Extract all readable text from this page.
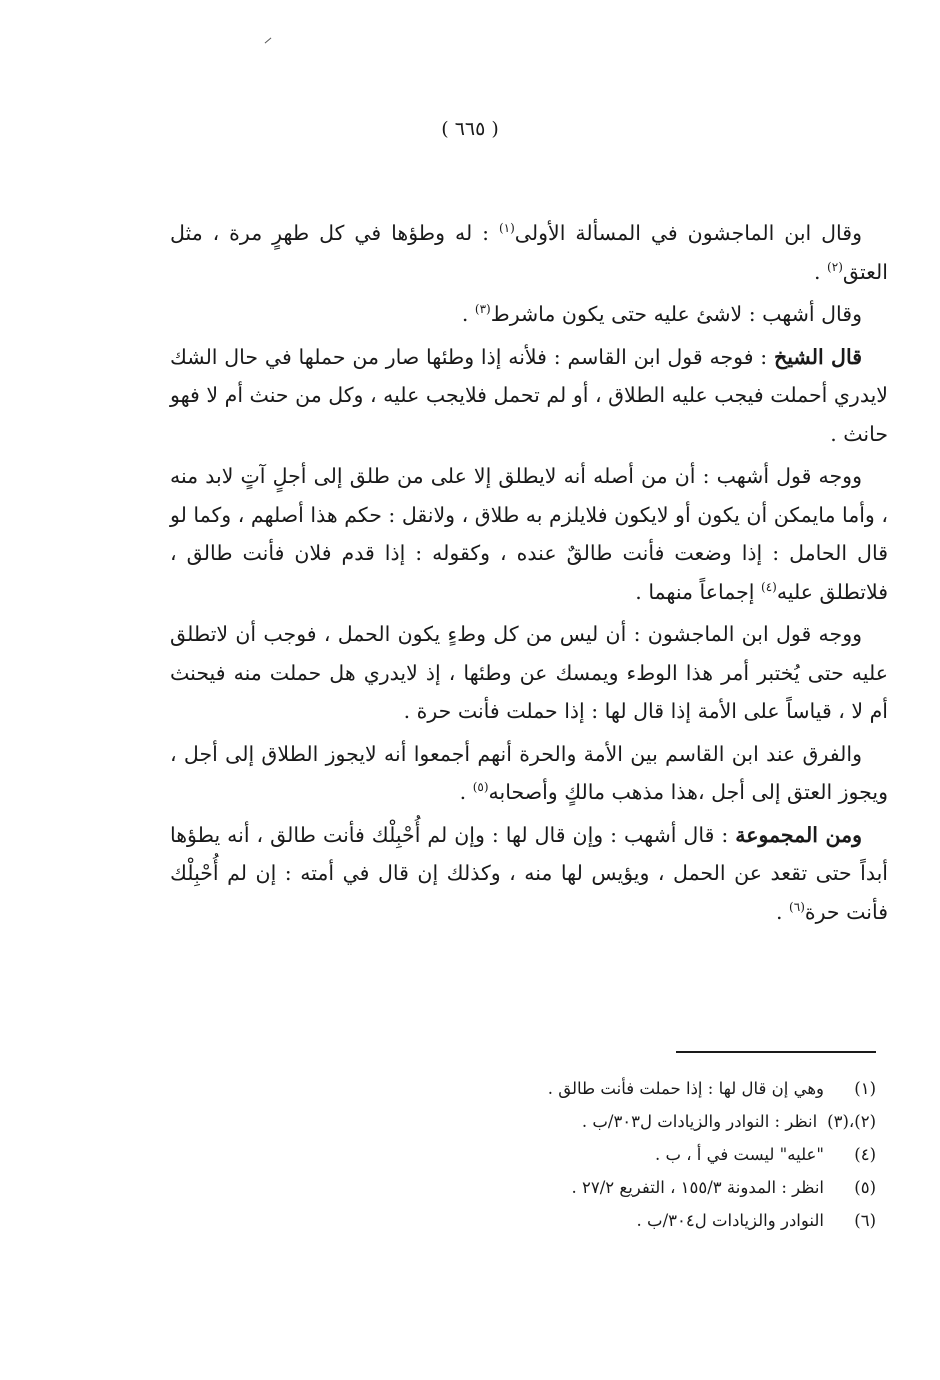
( ٦٦٥ )

وقال ابن الماجشون في المسألة الأولى$^{(١)}$ : له وطؤها في كل طهرٍ مرة ، مثل العتق$^{(٢)}$ .

وقال أشهب : لاشئ عليه حتى يكون ماشرط$^{(٣)}$ .

قال الشيخ : فوجه قول ابن القاسم : فلأنه إذا وطئها صار من حملها في حال الشك لايدري أحملت فيجب عليه الطلاق ، أو لم تحمل فلايجب عليه ، وكل من حنث أم لا فهو حانث .

ووجه قول أشهب : أن من أصله أنه لايطلق إلا على من طلق إلى أجلٍ آتٍ لابد منه ، وأما مايمكن أن يكون أو لايكون فلايلزم به طلاق ، ولانقل : حكم هذا أصلهم ، وكما لو قال الحامل : إذا وضعت فأنت طالقٌ عنده ، وكقوله : إذا قدم فلان فأنت طالق ، فلاتطلق عليه$^{(٤)}$ إجماعاً منهما .

ووجه قول ابن الماجشون : أن ليس من كل وطءٍ يكون الحمل ، فوجب أن لاتطلق عليه حتى يُختبر أمر هذا الوطء ويمسك عن وطئها ، إذ لايدري هل حملت منه فيحنث أم لا ، قياساً على الأمة إذا قال لها : إذا حملت فأنت حرة .

والفرق عند ابن القاسم بين الأمة والحرة أنهم أجمعوا أنه لايجوز الطلاق إلى أجل ، ويجوز العتق إلى أجل ،هذا مذهب مالكٍ وأصحابه$^{(٥)}$ .

ومن المجموعة : قال أشهب : وإن قال لها : وإن لم أُحْبِلْك فأنت طالق ، أنه يطؤها أبداً حتى تقعد عن الحمل ، ويؤيس لها منه ، وكذلك إن قال في أمته : إن لم أُحْبِلْك فأنت حرة$^{(٦)}$ .

(١)
وهي إن قال لها : إذا حملت فأنت طالق .
(٢)،(٣)
انظر : النوادر والزيادات ل٣٠٣/ب .
(٤)
"عليه" ليست في أ ، ب .
(٥)
انظر : المدونة ١٥٥/٣ ، التفريع ٢٧/٢ .
(٦)
النوادر والزيادات ل٣٠٤/ب .
